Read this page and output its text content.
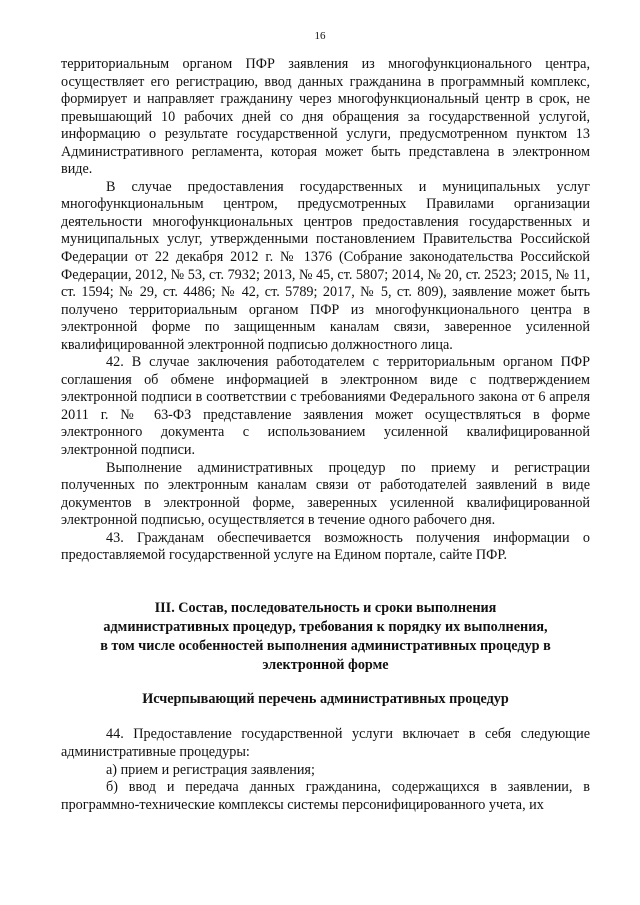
16

территориальным органом ПФР заявления из многофункционального центра, осуществляет его регистрацию, ввод данных гражданина в программный комплекс, формирует и направляет гражданину через многофункциональный центр в срок, не превышающий 10 рабочих дней со дня обращения за государственной услугой, информацию о результате государственной услуги, предусмотренном пунктом 13 Административного регламента, которая может быть представлена в электронном виде.

В случае предоставления государственных и муниципальных услуг многофункциональным центром, предусмотренных Правилами организации деятельности многофункциональных центров предоставления государственных и муниципальных услуг, утвержденными постановлением Правительства Российской Федерации от 22 декабря 2012 г. № 1376 (Собрание законодательства Российской Федерации, 2012, № 53, ст. 7932; 2013, № 45, ст. 5807; 2014, № 20, ст. 2523; 2015, № 11, ст. 1594; № 29, ст. 4486; № 42, ст. 5789; 2017, № 5, ст. 809), заявление может быть получено территориальным органом ПФР из многофункционального центра в электронной форме по защищенным каналам связи, заверенное усиленной квалифицированной электронной подписью должностного лица.

42. В случае заключения работодателем с территориальным органом ПФР соглашения об обмене информацией в электронном виде с подтверждением электронной подписи в соответствии с требованиями Федерального закона от 6 апреля 2011 г. № 63-ФЗ представление заявления может осуществляться в форме электронного документа с использованием усиленной квалифицированной электронной подписи.

Выполнение административных процедур по приему и регистрации полученных по электронным каналам связи от работодателей заявлений в виде документов в электронной форме, заверенных усиленной квалифицированной электронной подписью, осуществляется в течение одного рабочего дня.

43. Гражданам обеспечивается возможность получения информации о предоставляемой государственной услуге на Едином портале, сайте ПФР.

III. Состав, последовательность и сроки выполнения
административных процедур, требования к порядку их выполнения,
в том числе особенностей выполнения административных процедур в
электронной форме

Исчерпывающий перечень административных процедур

44. Предоставление государственной услуги включает в себя следующие административные процедуры:

а) прием и регистрация заявления;

б) ввод и передача данных гражданина, содержащихся в заявлении, в программно-технические комплексы системы персонифицированного учета, их
